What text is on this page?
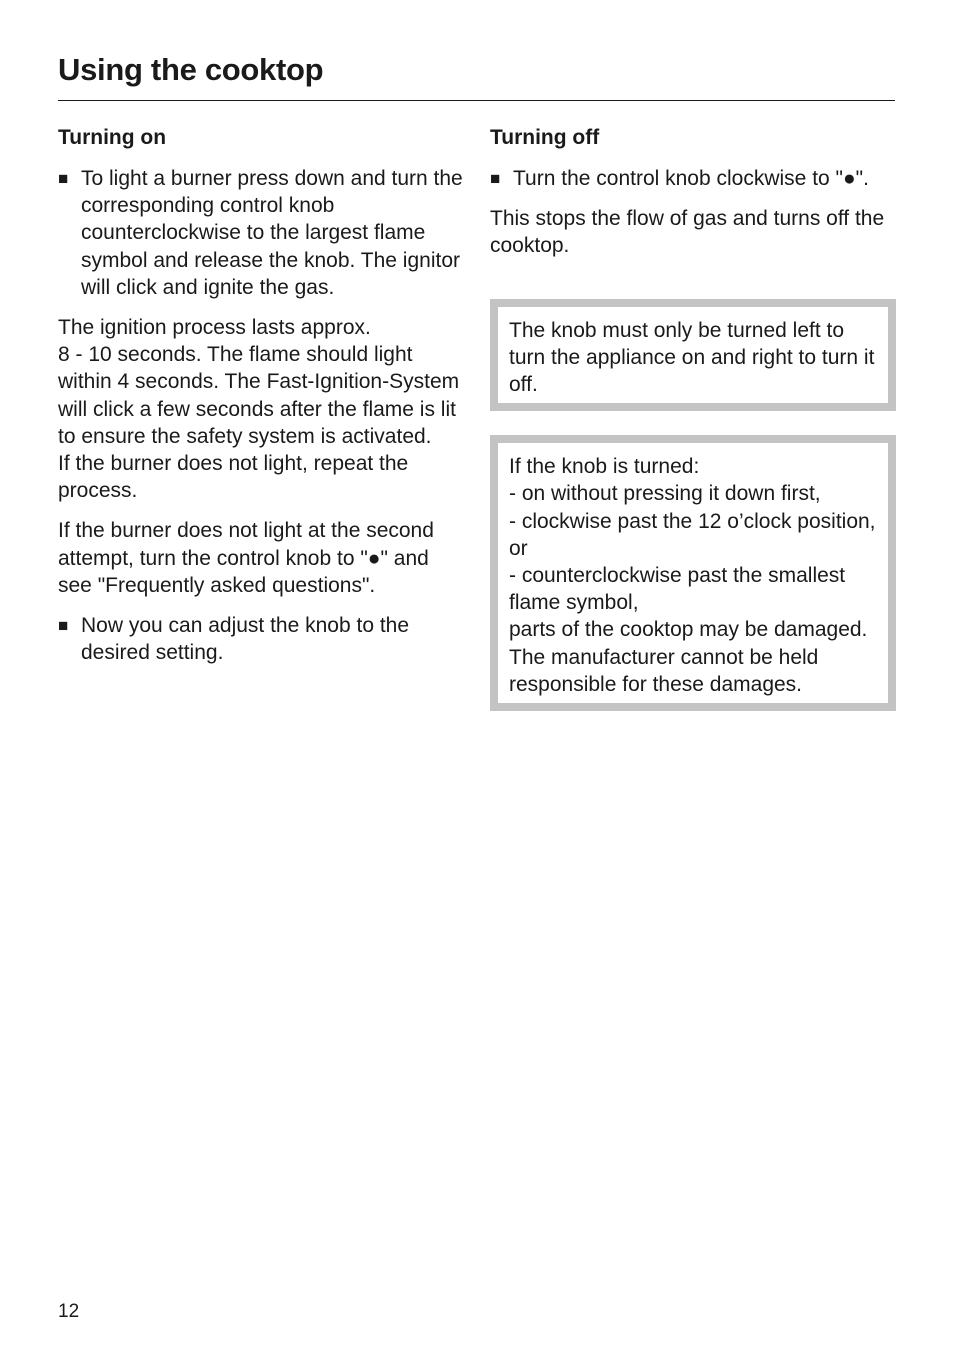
Using the cooktop
Turning on
■ To light a burner press down and turn the corresponding control knob counterclockwise to the largest flame symbol and release the knob. The ignitor will click and ignite the gas.

The ignition process lasts approx.
8 - 10 seconds. The flame should light within 4 seconds. The Fast-Ignition-System will click a few seconds after the flame is lit to ensure the safety system is activated.
If the burner does not light, repeat the process.

If the burner does not light at the second attempt, turn the control knob to "●" and see "Frequently asked questions".

■ Now you can adjust the knob to the desired setting.
Turning off
■ Turn the control knob clockwise to "●".

This stops the flow of gas and turns off the cooktop.

The knob must only be turned left to turn the appliance on and right to turn it off.
If the knob is turned:
- on without pressing it down first,
- clockwise past the 12 o’clock position, or
- counterclockwise past the smallest flame symbol,
parts of the cooktop may be damaged. The manufacturer cannot be held responsible for these damages.
12
